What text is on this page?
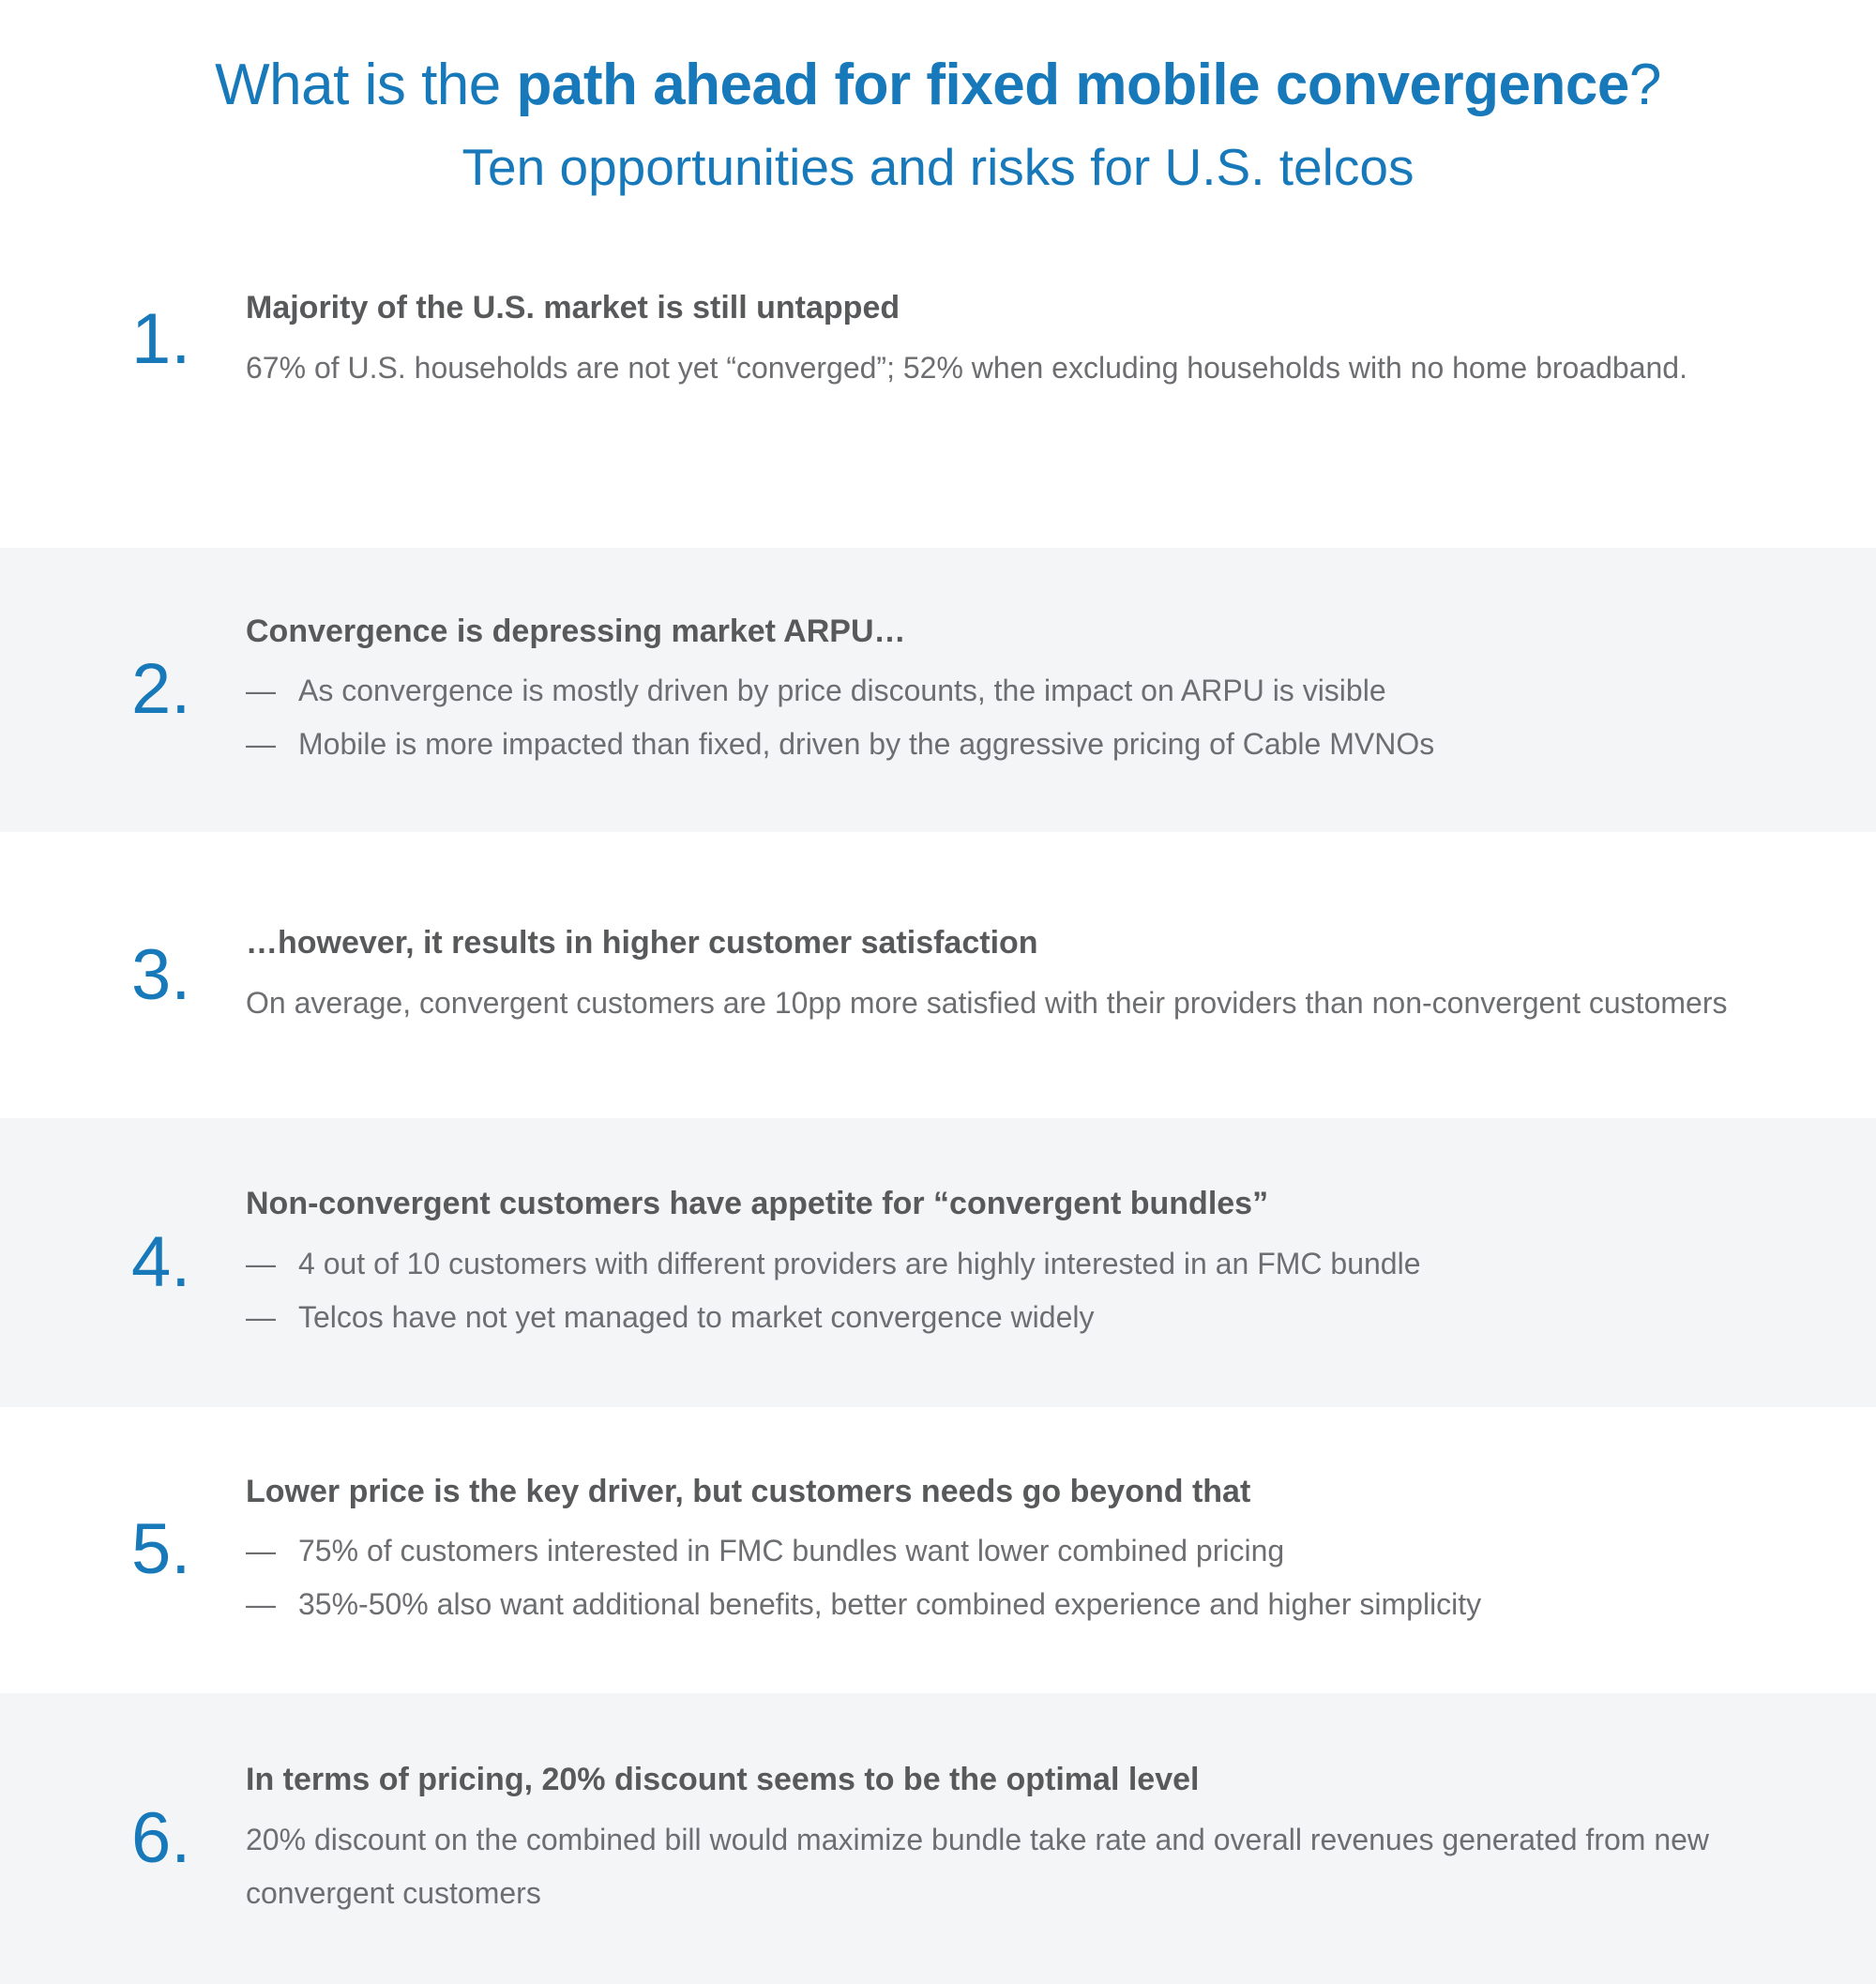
What is the path ahead for fixed mobile convergence?
Ten opportunities and risks for U.S. telcos
1.	Majority of the U.S. market is still untapped

67% of U.S. households are not yet “converged”; 52% when excluding households with no home broadband.

2.
Convergence is depressing market ARPU…
— As convergence is mostly driven by price discounts, the impact on ARPU is visible
— Mobile is more impacted than fixed, driven by the aggressive pricing of Cable MVNOs
3.	…however, it results in higher customer satisfaction

On average, convergent customers are 10pp more satisfied with their providers than non-convergent customers

4.
Non-convergent customers have appetite for “convergent bundles”
— 4 out of 10 customers with different providers are highly interested in an FMC bundle
— Telcos have not yet managed to market convergence widely
5.
Lower price is the key driver, but customers needs go beyond that
— 75% of customers interested in FMC bundles want lower combined pricing
— 35%-50% also want additional benefits, better combined experience and higher simplicity
6.
In terms of pricing, 20% discount seems to be the optimal level

20% discount on the combined bill would maximize bundle take rate and overall revenues generated from new convergent customers
